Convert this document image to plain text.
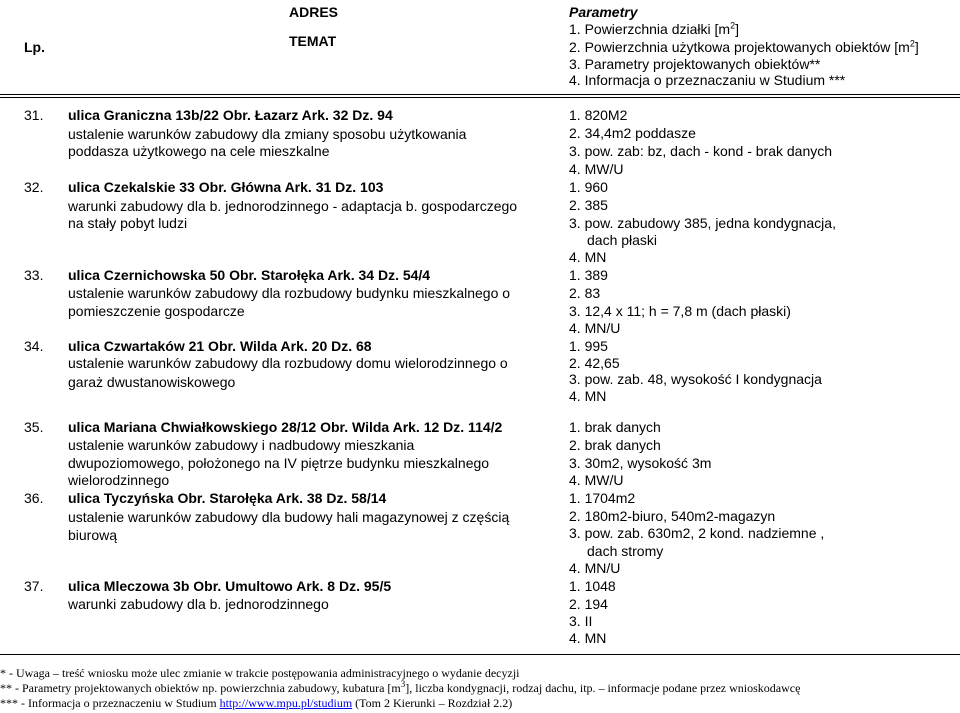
Lp.
ADRES
TEMAT
Parametry
1. Powierzchnia działki $[m^2]$
2. Powierzchnia użytkowa projektowanych obiektów $[m^2]$
3. Parametry projektowanych obiektów**
4. Informacja o przeznaczaniu w Studium ***
31. ulica Graniczna 13b/22 Obr. Łazarz Ark. 32 Dz. 94
ustalenie warunków zabudowy dla zmiany sposobu użytkowania
poddasza użytkowego na cele mieszkalne
1. 820M2
2. 34,4m2 poddasze
3. pow. zab: bz, dach - kond - brak danych
4. MW/U
32. ulica Czekalskie 33 Obr. Główna Ark. 31 Dz. 103
warunki zabudowy dla b. jednorodzinnego - adaptacja b. gospodarczego
na stały pobyt ludzi
1. 960
2. 385
3. pow. zabudowy 385, jedna kondygnacja,
dach płaski
4. MN
33. ulica Czernichowska 50 Obr. Starołęka Ark. 34 Dz. 54/4
ustalenie warunków zabudowy dla rozbudowy budynku mieszkalnego o
pomieszczenie gospodarcze
1. 389
2. 83
3. 12,4 x 11; h = 7,8 m (dach płaski)
4. MN/U
34. ulica Czwartaków 21 Obr. Wilda Ark. 20 Dz. 68
ustalenie warunków zabudowy dla rozbudowy domu wielorodzinnego o
garaż dwustanowiskowego
1. 995
2. 42,65
3. pow. zab. 48, wysokość I kondygnacja
4. MN
35. ulica Mariana Chwiałkowskiego 28/12 Obr. Wilda Ark. 12 Dz. 114/2
ustalenie warunków zabudowy i nadbudowy mieszkania
dwupoziomowego, położonego na IV piętrze budynku mieszkalnego
wielorodzinnego
1. brak danych
2. brak danych
3. 30m2, wysokość 3m
4. MW/U
36. ulica Tyczyńska Obr. Starołęka Ark. 38 Dz. 58/14
ustalenie warunków zabudowy dla budowy hali magazynowej z częścią
biurową
1. 1704m2
2. 180m2-biuro, 540m2-magazyn
3. pow. zab. 630m2, 2 kond. nadziemne ,
dach stromy
4. MN/U
37. ulica Mleczowa 3b Obr. Umultowo Ark. 8 Dz. 95/5
warunki zabudowy dla b. jednorodzinnego
1. 1048
2. 194
3. II
4. MN
* - Uwaga – treść wniosku może ulec zmianie w trakcie postępowania administracyjnego o wydanie decyzji
** - Parametry projektowanych obiektów np. powierzchnia zabudowy, kubatura $[m^3]$, liczba kondygnacji, rodzaj dachu, itp. – informacje podane przez wnioskodawcę
*** - Informacja o przeznaczeniu w Studium http://www.mpu.pl/studium (Tom 2 Kierunki – Rozdział 2.2)
